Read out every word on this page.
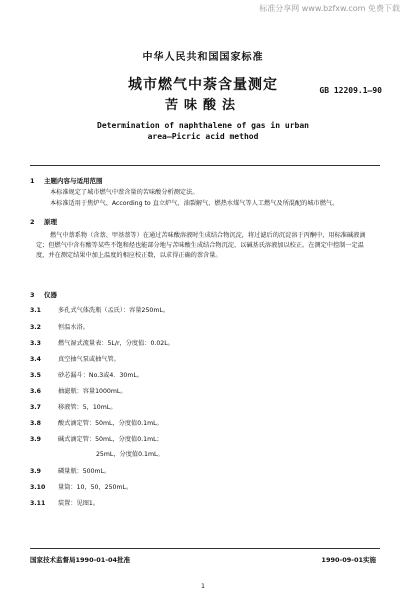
标准分享网 www.bzfxw.com 免费下载
中华人民共和国国家标准
城市燃气中萘含量测定
苦味酸法
GB 12209.1—90
Determination of naphthalene of gas in urban
area—Picric acid method
1 主题内容与适用范围
本标准规定了城市燃气中萘含量的苦味酸分析测定法。
本标准适用于焦炉气、According to 直立炉气、油裂解气、燃热水煤气等人工燃气及所混配的城市燃气。
2 原理
燃气中萘系物（含萘、甲基萘等）在通过苦味酸溶液时生成结合物沉淀，将过滤后的沉淀溶于丙酮中，用标准碱液滴定；但燃气中含有酸等某些不饱和烃也能部分地与苦味酸生成结合物沉淀，以碱基氏溶液加以校正。在测定中控制一定温度，并在测定结果中加上温度的相应校正数，以求得正确的萘含量。
3 仪器
3.1	多孔式气体洗瓶（孟氏）：容量250mL。
3.2	恒温水浴。
3.3	燃气湿式流量表：5L/r，分度值：0.02L。
3.4	真空抽气泵或抽气管。
3.5	砂芯漏斗：No.3或4．30mL。
3.6	抽滤瓶：容量1000mL。
3.7	移液管：5，10mL。
3.8	酸式滴定管：50mL，分度值0.1mL。
3.9	碱式滴定管：50mL，分度值0.1mL；
25mL，分度值0.1mL。
3.9	磷量瓶：500mL。
3.10 量筒：10，50，250mL。
3.11 装置：见图1。
国家技术监督局1990-01-04批准	1990-09-01实施
1
